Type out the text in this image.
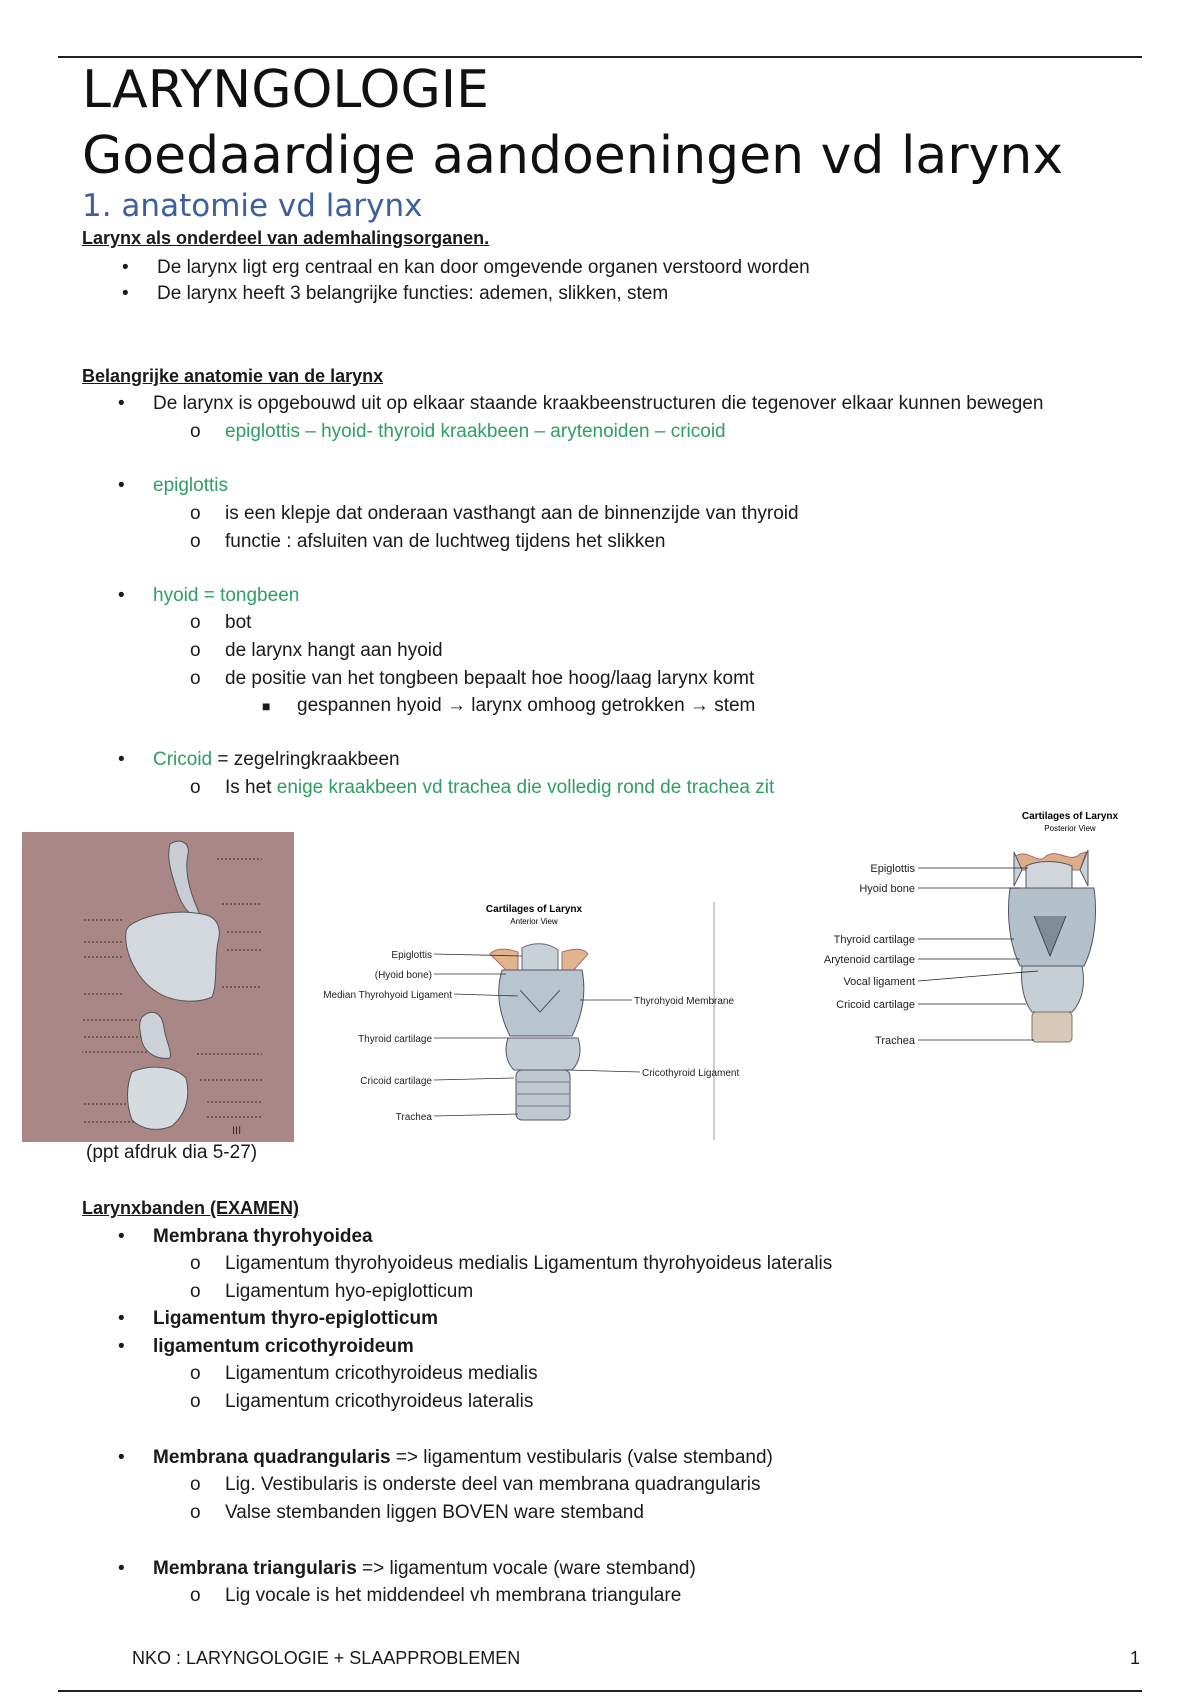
LARYNGOLOGIE
Goedaardige aandoeningen vd larynx
1. anatomie vd larynx
Larynx als onderdeel van ademhalingsorganen.
• De larynx ligt erg centraal en kan door omgevende organen verstoord worden
• De larynx heeft 3 belangrijke functies: ademen, slikken, stem
Belangrijke anatomie van de larynx
• De larynx is opgebouwd uit op elkaar staande kraakbeenstructuren die tegenover elkaar kunnen bewegen
o epiglottis – hyoid- thyroid kraakbeen – arytenoiden – cricoid
• epiglottis
o is een klepje dat onderaan vasthangt aan de binnenzijde van thyroid
o functie : afsluiten van de luchtweg tijdens het slikken
• hyoid = tongbeen
o bot
o de larynx hangt aan hyoid
o de positie van het tongbeen bepaalt hoe hoog/laag larynx komt
■ gespannen hyoid → larynx omhoog getrokken → stem
• Cricoid = zegelringkraakbeen
o Is het enige kraakbeen vd trachea die volledig rond de trachea zit
III
Cartilages of Larynx
Anterior View
Epiglottis
(Hyoid bone)
Median Thyrohyoid Ligament
Thyroid cartilage
Cricoid cartilage
Trachea
Thyrohyoid Membrane
Cricothyroid Ligament
Cartilages of Larynx
Posterior View
Epiglottis
Hyoid bone
Thyroid cartilage
Arytenoid cartilage
Vocal ligament
Cricoid cartilage
Trachea
(ppt afdruk dia 5-27)
Larynxbanden (EXAMEN)
• Membrana thyrohyoidea
o Ligamentum thyrohyoideus medialis Ligamentum thyrohyoideus lateralis
o Ligamentum hyo-epiglotticum
• Ligamentum thyro-epiglotticum
• ligamentum cricothyroideum
o Ligamentum cricothyroideus medialis
o Ligamentum cricothyroideus lateralis
• Membrana quadrangularis => ligamentum vestibularis (valse stemband)
o Lig. Vestibularis is onderste deel van membrana quadrangularis
o Valse stembanden liggen BOVEN ware stemband
• Membrana triangularis => ligamentum vocale (ware stemband)
o Lig vocale is het middendeel vh membrana triangulare
NKO : LARYNGOLOGIE + SLAAPPROBLEMEN	1
